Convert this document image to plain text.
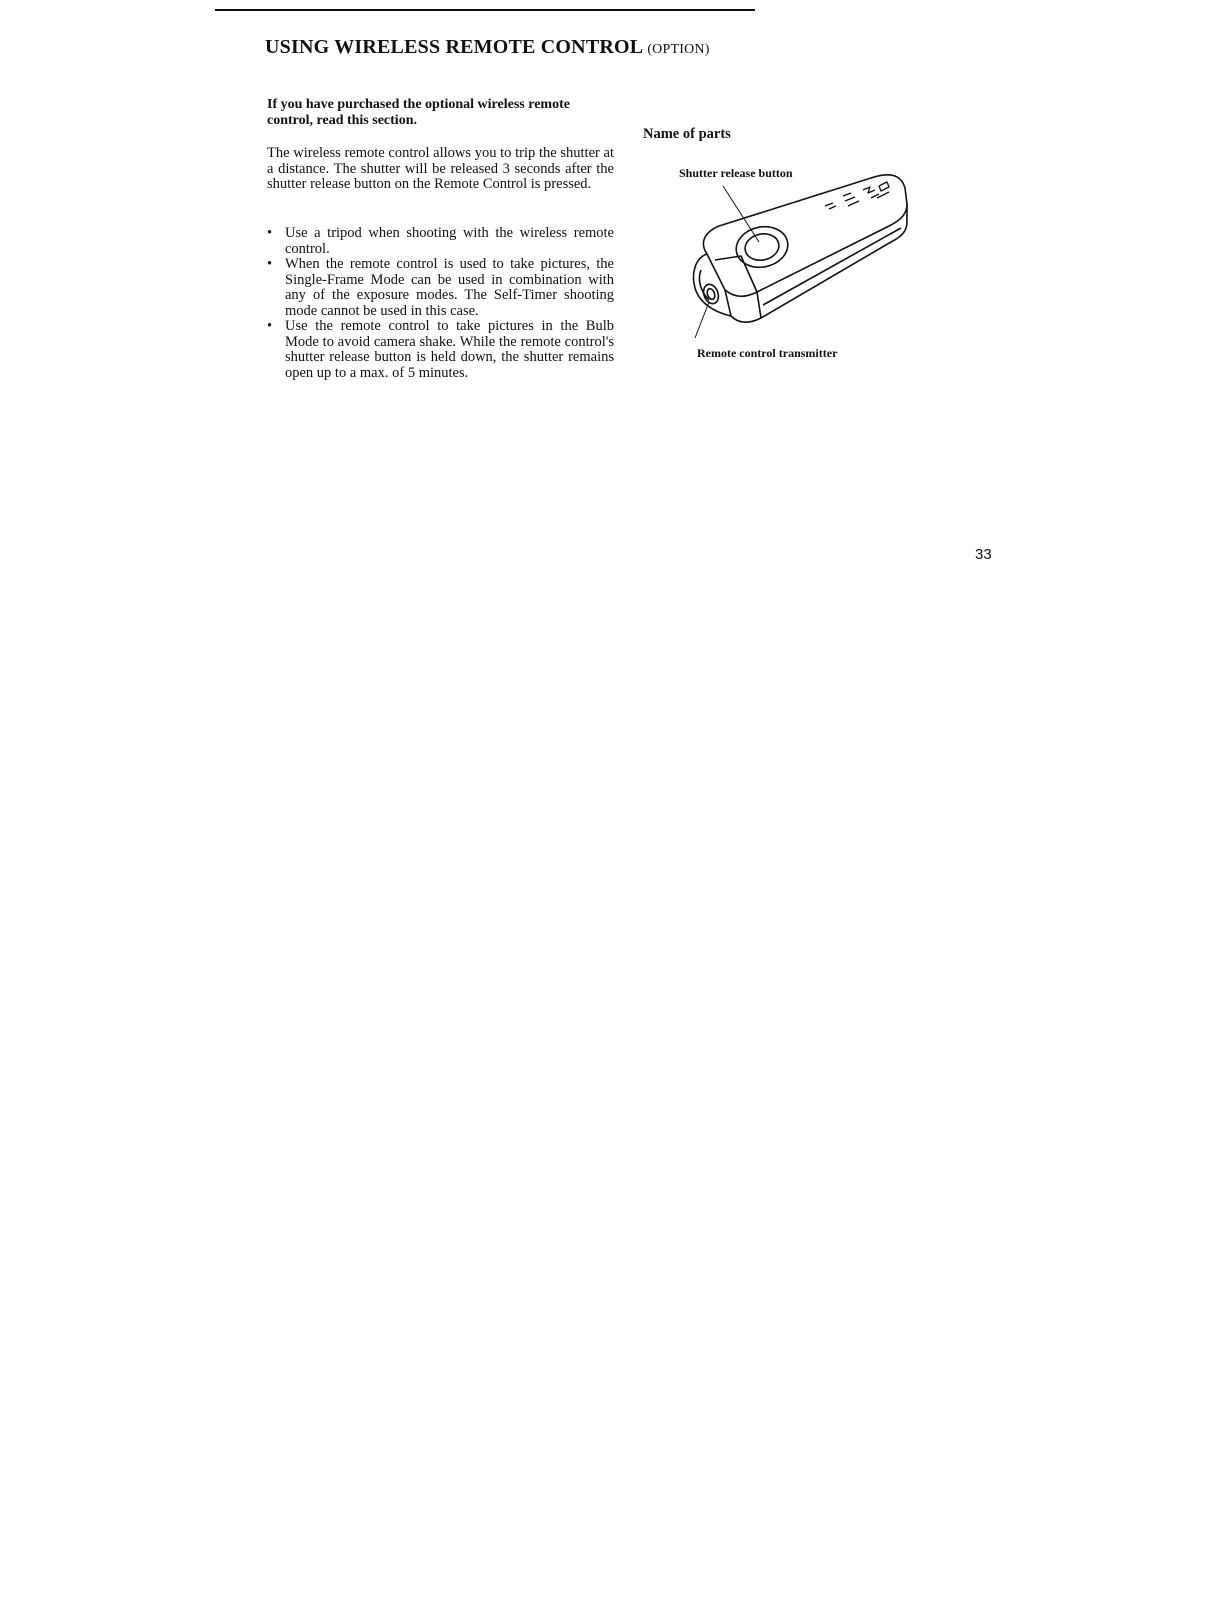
USING WIRELESS REMOTE CONTROL (OPTION)

If you have purchased the optional wireless remote control, read this section.

The wireless remote control allows you to trip the shutter at a distance. The shutter will be released 3 seconds after the shutter release button on the Remote Control is pressed.

• Use a tripod when shooting with the wireless remote control.
• When the remote control is used to take pictures, the Single-Frame Mode can be used in combination with any of the exposure modes. The Self-Timer shooting mode cannot be used in this case.
• Use the remote control to take pictures in the Bulb Mode to avoid camera shake. While the remote control's shutter release button is held down, the shutter remains open up to a max. of 5 minutes.
Name of parts
Shutter release button
Remote control transmitter
33
